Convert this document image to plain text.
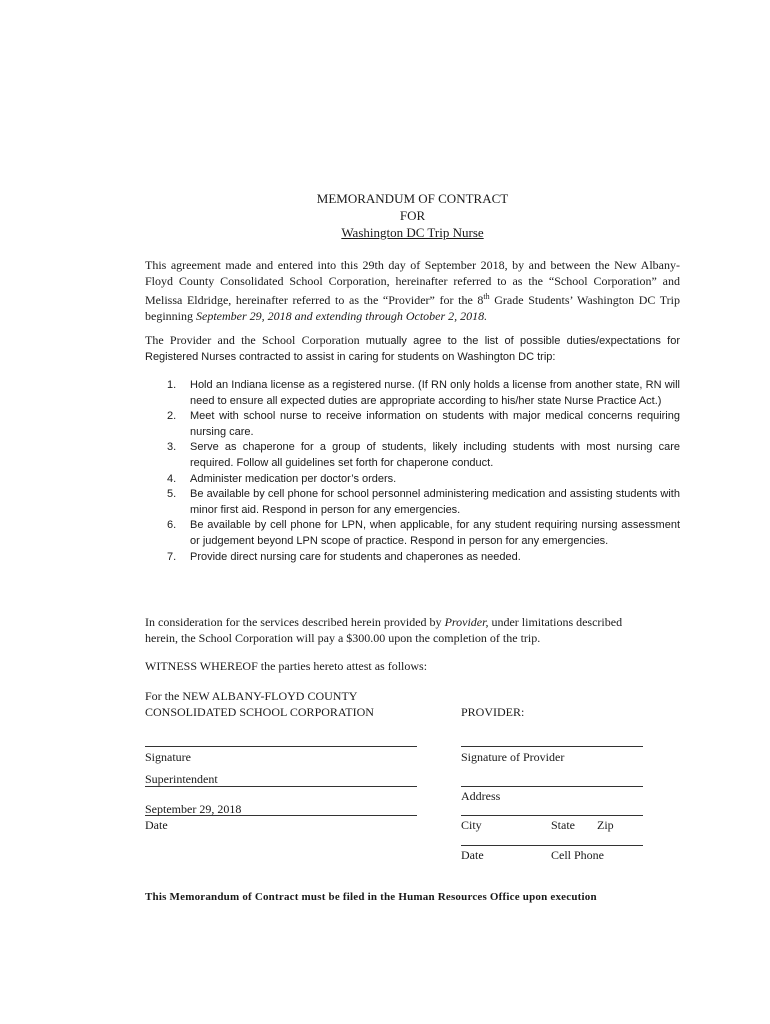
MEMORANDUM OF CONTRACT
FOR
Washington DC Trip Nurse
This agreement made and entered into this 29th day of September 2018, by and between the New Albany-Floyd County Consolidated School Corporation, hereinafter referred to as the “School Corporation” and Melissa Eldridge, hereinafter referred to as the “Provider” for the 8th Grade Students’ Washington DC Trip beginning September 29, 2018 and extending through October 2, 2018.
The Provider and the School Corporation mutually agree to the list of possible duties/expectations for Registered Nurses contracted to assist in caring for students on Washington DC trip:
1. Hold an Indiana license as a registered nurse. (If RN only holds a license from another state, RN will need to ensure all expected duties are appropriate according to his/her state Nurse Practice Act.)
2. Meet with school nurse to receive information on students with major medical concerns requiring nursing care.
3. Serve as chaperone for a group of students, likely including students with most nursing care required. Follow all guidelines set forth for chaperone conduct.
4. Administer medication per doctor’s orders.
5. Be available by cell phone for school personnel administering medication and assisting students with minor first aid. Respond in person for any emergencies.
6. Be available by cell phone for LPN, when applicable, for any student requiring nursing assessment or judgement beyond LPN scope of practice. Respond in person for any emergencies.
7. Provide direct nursing care for students and chaperones as needed.
In consideration for the services described herein provided by Provider, under limitations described herein, the School Corporation will pay a $300.00 upon the completion of the trip.
WITNESS WHEREOF the parties hereto attest as follows:
For the NEW ALBANY-FLOYD COUNTY
CONSOLIDATED SCHOOL CORPORATION
Signature
Superintendent
September 29, 2018
Date
PROVIDER:
Signature of Provider
Address
City	State Zip
Date	Cell Phone
This Memorandum of Contract must be filed in the Human Resources Office upon execution
